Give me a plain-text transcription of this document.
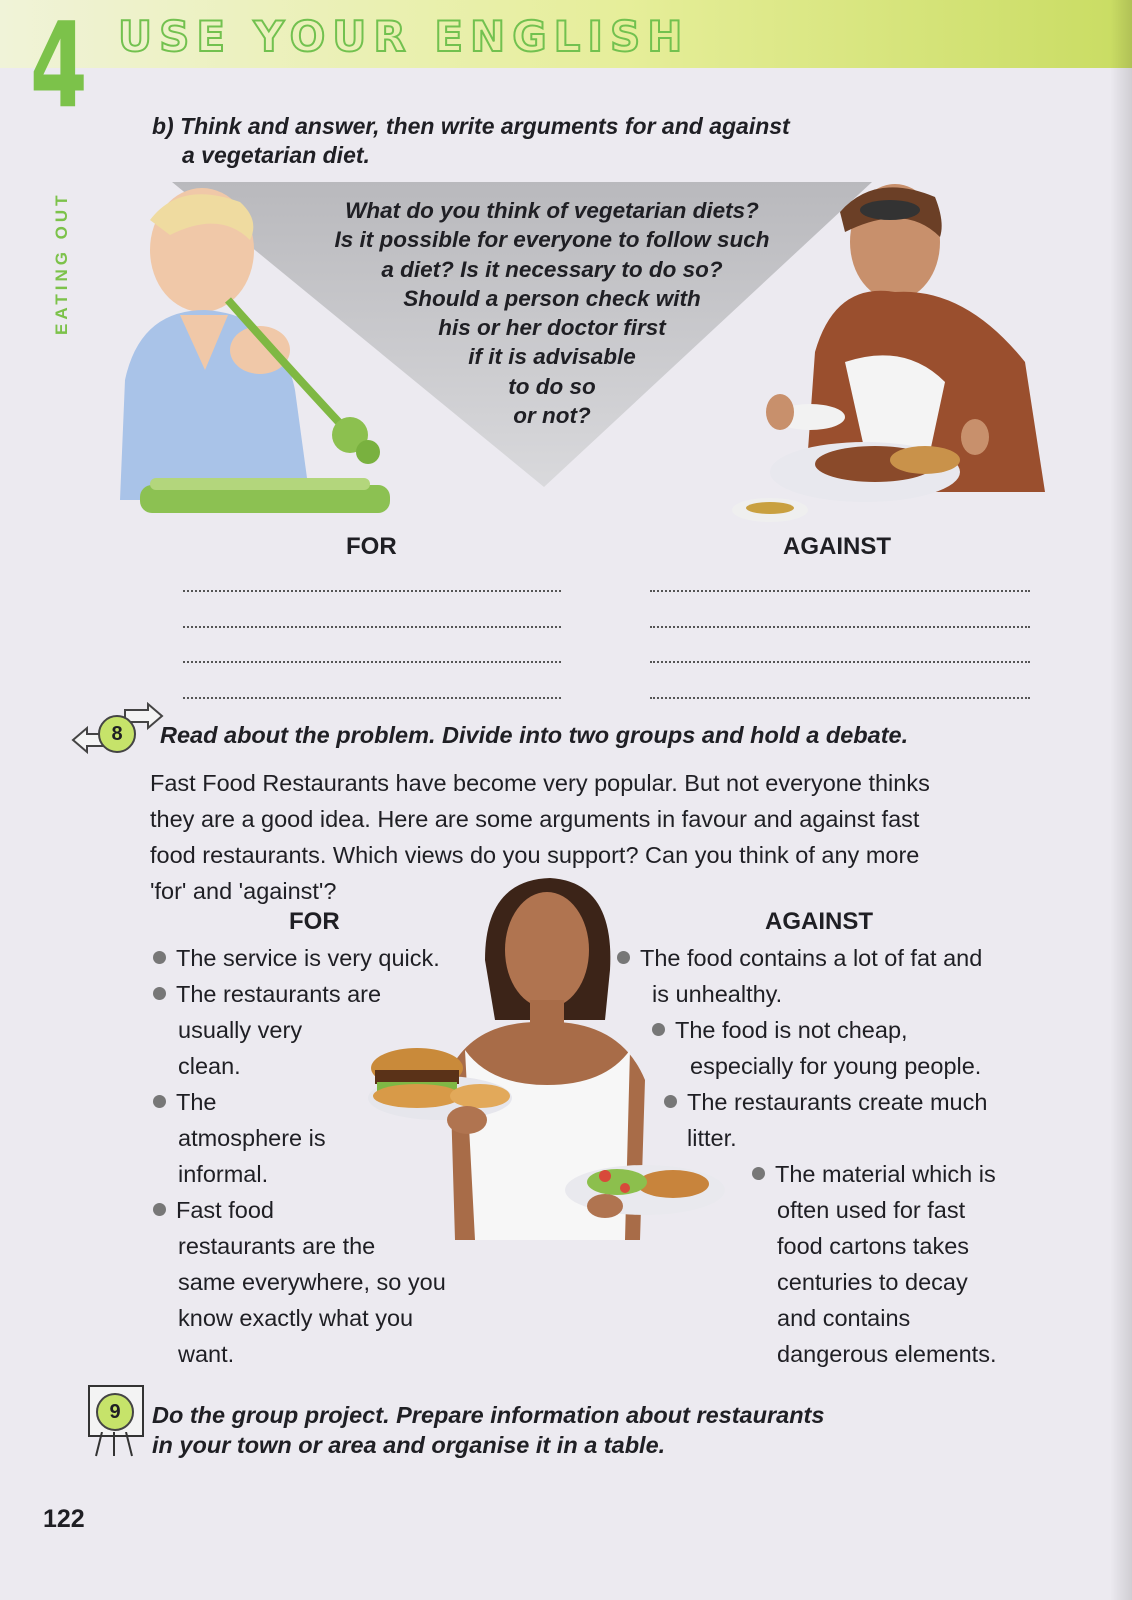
4 USE YOUR ENGLISH
EATING OUT
b) Think and answer, then write arguments for and against
a vegetarian diet.
What do you think of vegetarian diets?
Is it possible for everyone to follow such
a diet? Is it necessary to do so?
Should a person check with
his or her doctor first
if it is advisable
to do so
or not?
FOR	AGAINST
8	Read about the problem. Divide into two groups and hold a debate.
Fast Food Restaurants have become very popular. But not everyone thinks
they are a good idea. Here are some arguments in favour and against fast
food restaurants. Which views do you support? Can you think of any more
'for' and 'against'?
FOR
The service is very quick.
The restaurants are
usually very
clean.
The
atmosphere is
informal.
Fast food
restaurants are the
same everywhere, so you
know exactly what you
want.
AGAINST
The food contains a lot of fat and
is unhealthy.
The food is not cheap,
especially for young people.
The restaurants create much
litter.
The material which is
often used for fast
food cartons takes
centuries to decay
and contains
dangerous elements.
9	Do the group project. Prepare information about restaurants
in your town or area and organise it in a table.
122
